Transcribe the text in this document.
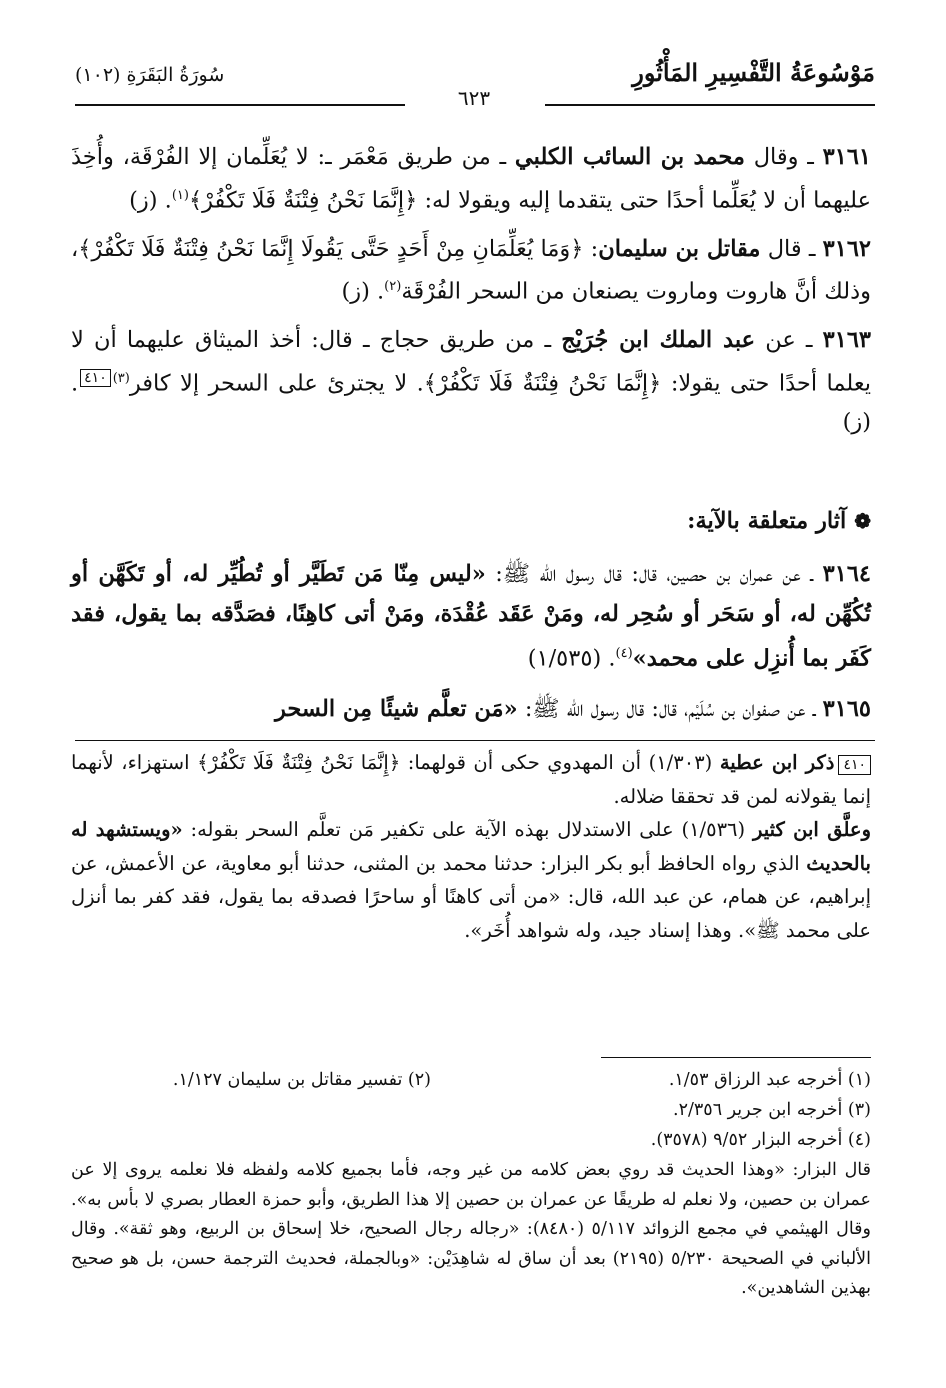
مَوْسُوعَةُ التَّفْسِيرِ المَأْثُورِ
سُورَةُ البَقَرَةِ (١٠٢)
٦٢٣

٣١٦١ ـ وقال محمد بن السائب الكلبي ـ من طريق مَعْمَر ـ: لا يُعَلِّمان إلا الفُرْقَة، وأُخِذَ عليهما أن لا يُعَلِّما أحدًا حتى يتقدما إليه ويقولا له: ﴿إِنَّمَا نَحْنُ فِتْنَةٌ فَلَا تَكْفُرْ﴾$^{(١)}$. (ز)

٣١٦٢ ـ قال مقاتل بن سليمان: ﴿وَمَا يُعَلِّمَانِ مِنْ أَحَدٍ حَتَّى يَقُولَا إِنَّمَا نَحْنُ فِتْنَةٌ فَلَا تَكْفُرْ﴾، وذلك أنَّ هاروت وماروت يصنعان من السحر الفُرْقَة$^{(٢)}$. (ز)

٣١٦٣ ـ عن عبد الملك ابن جُرَيْج ـ من طريق حجاج ـ قال: أخذ الميثاق عليهما أن لا يعلما أحدًا حتى يقولا: ﴿إِنَّمَا نَحْنُ فِتْنَةٌ فَلَا تَكْفُرْ﴾. لا يجترئ على السحر إلا كافر$^{(٣)}$٤١٠. (ز)

❁آثار متعلقة بالآية:

٣١٦٤ ـ عن عمران بن حصين، قال: قال رسول الله ﷺ: «ليس مِنّا مَن تَطَيَّر أو تُطُيِّر له، أو تَكَهَّن أو تُكُهِّن له، أو سَحَر أو سُحِر له، ومَنْ عَقَد عُقْدَة، ومَنْ أتى كاهِنًا، فصَدَّقه بما يقول، فقد كَفَر بما أُنزِل على محمد»$^{(٤)}$. (١/٥٣٥)

٣١٦٥ ـ عن صفوان بن سُلَيْم، قال: قال رسول الله ﷺ: «مَن تعلَّم شيئًا مِن السحر

٤١٠ذكر ابن عطية (١/٣٠٣) أن المهدوي حكى أن قولهما: ﴿إِنَّمَا نَحْنُ فِتْنَةٌ فَلَا تَكْفُرْ﴾ استهزاء، لأنهما إنما يقولانه لمن قد تحققا ضلاله.

وعلَّق ابن كثير (١/٥٣٦) على الاستدلال بهذه الآية على تكفير مَن تعلَّم السحر بقوله: «ويستشهد له بالحديث الذي رواه الحافظ أبو بكر البزار: حدثنا محمد بن المثنى، حدثنا أبو معاوية، عن الأعمش، عن إبراهيم، عن همام، عن عبد الله، قال: «من أتى كاهنًا أو ساحرًا فصدقه بما يقول، فقد كفر بما أنزل على محمد ﷺ». وهذا إسناد جيد، وله شواهد أُخَر».

(١) أخرجه عبد الرزاق ١/٥٣.
(٢) تفسير مقاتل بن سليمان ١/١٢٧.
(٣) أخرجه ابن جرير ٢/٣٥٦.
(٤) أخرجه البزار ٩/٥٢ (٣٥٧٨).

قال البزار: «وهذا الحديث قد روي بعض كلامه من غير وجه، فأما بجميع كلامه ولفظه فلا نعلمه يروى إلا عن عمران بن حصين، ولا نعلم له طريقًا عن عمران بن حصين إلا هذا الطريق، وأبو حمزة العطار بصري لا بأس به». وقال الهيثمي في مجمع الزوائد ٥/١١٧ (٨٤٨٠): «رجاله رجال الصحيح، خلا إسحاق بن الربيع، وهو ثقة». وقال الألباني في الصحيحة ٥/٢٣٠ (٢١٩٥) بعد أن ساق له شاهِدَيْن: «وبالجملة، فحديث الترجمة حسن، بل هو صحيح بهذين الشاهدين».
